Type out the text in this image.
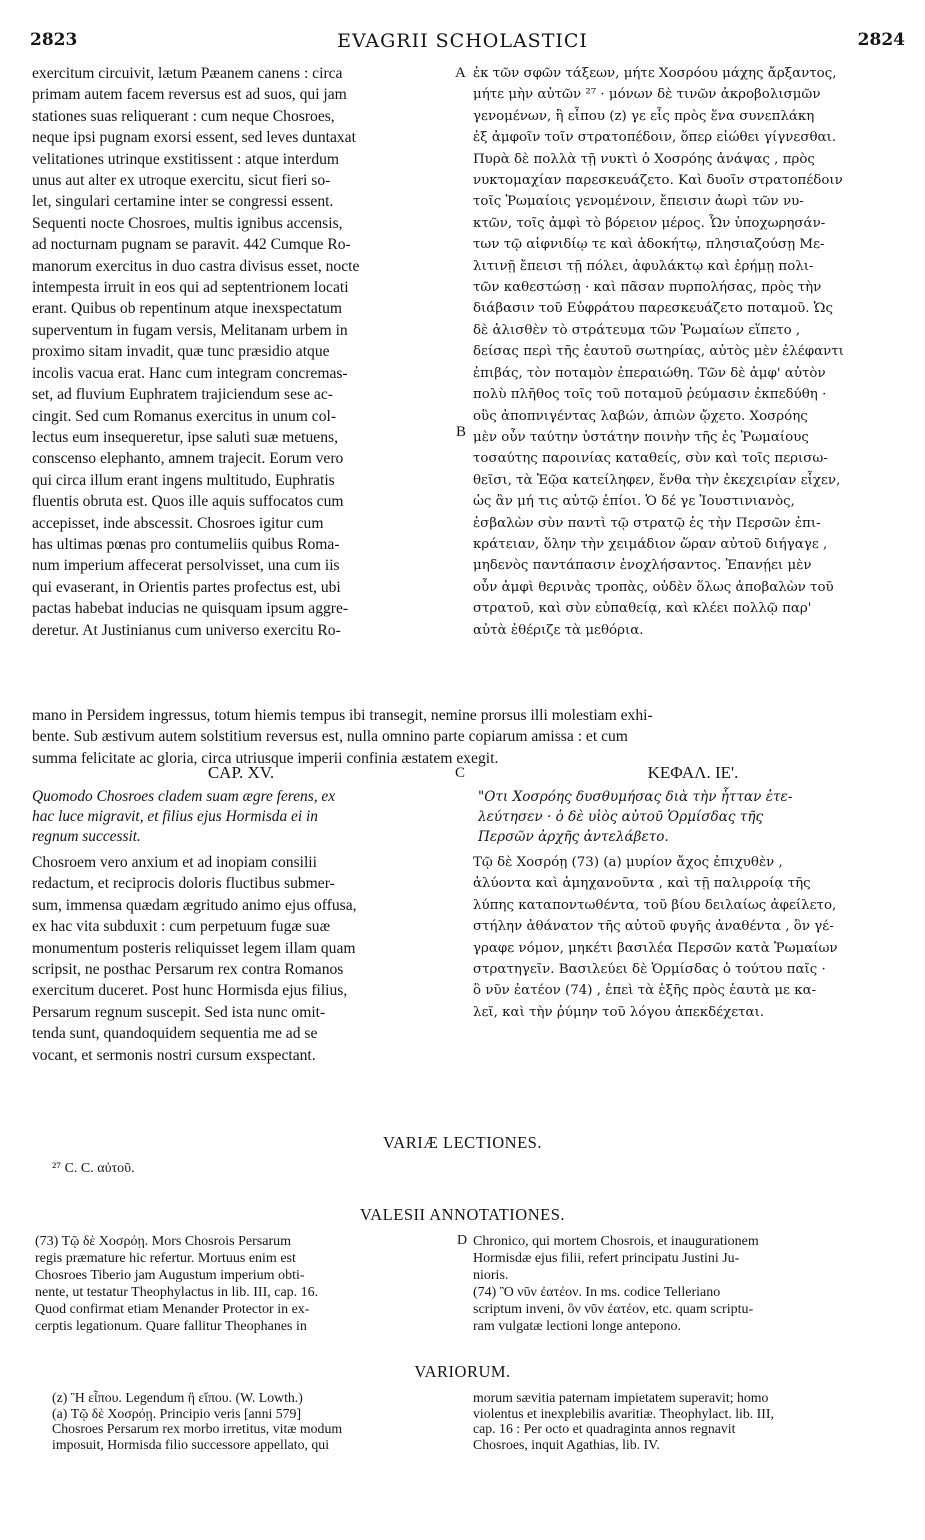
2823	EVAGRII SCHOLASTICI	2824
exercitum circuivit, lætum Pæanem canens : circa
primam autem facem reversus est ad suos, qui jam
stationes suas reliquerant : cum neque Chosroes,
neque ipsi pugnam exorsi essent, sed leves duntaxat
velitationes utrinque exstitissent : atque interdum
unus aut alter ex utroque exercitu, sicut fieri so-
let, singulari certamine inter se congressi essent.
Sequenti nocte Chosroes, multis ignibus accensis,
ad nocturnam pugnam se paravit. 442 Cumque Ro-
manorum exercitus in duo castra divisus esset, nocte
intempesta irruit in eos qui ad septentrionem locati
erant. Quibus ob repentinum atque inexspectatum
superventum in fugam versis, Melitanam urbem in
proximo sitam invadit, quæ tunc præsidio atque
incolis vacua erat. Hanc cum integram concremas-
set, ad fluvium Euphratem trajiciendum sese ac-
cingit. Sed cum Romanus exercitus in unum col-
lectus eum insequeretur, ipse saluti suæ metuens,
conscenso elephanto, amnem trajecit. Eorum vero
qui circa illum erant ingens multitudo, Euphratis
fluentis obruta est. Quos ille aquis suffocatos cum
accepisset, inde abscessit. Chosroes igitur cum
has ultimas pœnas pro contumeliis quibus Roma-
num imperium affecerat persolvisset, una cum iis
qui evaserant, in Orientis partes profectus est, ubi
pactas habebat inducias ne quisquam ipsum aggre-
deretur. At Justinianus cum universo exercitu Ro-
ἐκ τῶν σφῶν τάξεων, μήτε Χοσρόου μάχης ἄρξαντος,
μήτε μὴν αὐτῶν ²⁷ · μόνων δὲ τινῶν ἀκροβολισμῶν
γενομένων, ἢ εἶπου (z) γε εἷς πρὸς ἕνα συνεπλάκη
ἐξ ἀμφοῖν τοῖν στρατοπέδοιν, ὅπερ εἰώθει γίγνεσθαι.
Πυρὰ δὲ πολλὰ τῇ νυκτὶ ὁ Χοσρόης ἀνάψας , πρὸς
νυκτομαχίαν παρεσκευάζετο. Καὶ δυοῖν στρατοπέδοιν
τοῖς Ῥωμαίοις γενομένοιν, ἔπεισιν ἀωρὶ τῶν νυ-
κτῶν, τοῖς ἀμφὶ τὸ βόρειον μέρος. Ὧν ὑποχωρησάν-
των τῷ αἰφνιδίῳ τε καὶ ἀδοκήτῳ, πλησιαζούσῃ Με-
λιτινῇ ἔπεισι τῇ πόλει, ἀφυλάκτῳ καὶ ἐρήμῃ πολι-
τῶν καθεστώσῃ · καὶ πᾶσαν πυρπολήσας, πρὸς τὴν
διάβασιν τοῦ Εὐφράτου παρεσκευάζετο ποταμοῦ. Ὡς
δὲ ἀλισθὲν τὸ στράτευμα τῶν Ῥωμαίων εἵπετο ,
δείσας περὶ τῆς ἑαυτοῦ σωτηρίας, αὐτὸς μὲν ἐλέφαντι
ἐπιβάς, τὸν ποταμὸν ἐπεραιώθη. Τῶν δὲ ἀμφ' αὐτὸν
πολὺ πλῆθος τοῖς τοῦ ποταμοῦ ῥεύμασιν ἐκπεδύθη ·
οὓς ἀποπνιγέντας λαβών, ἀπιὼν ᾤχετο. Χοσρόης
μὲν οὖν ταύτην ὑστάτην ποινὴν τῆς ἐς Ῥωμαίους
τοσαύτης παροινίας καταθείς, σὺν καὶ τοῖς περισω-
θεῖσι, τὰ Ἑῷα κατείληφεν, ἔνθα τὴν ἐκεχειρίαν εἶχεν,
ὡς ἂν μή τις αὐτῷ ἐπίοι. Ὁ δέ γε Ἰουστινιανὸς,
ἐσβαλὼν σὺν παντὶ τῷ στρατῷ ἐς τὴν Περσῶν ἐπι-
κράτειαν, ὅλην τὴν χειμάδιον ὥραν αὐτοῦ διήγαγε ,
μηδενὸς παντάπασιν ἐνοχλήσαντος. Ἐπανῄει μὲν
οὖν ἀμφὶ θερινὰς τροπὰς, οὐδὲν ὅλως ἀποβαλὼν τοῦ
στρατοῦ, καὶ σὺν εὐπαθείᾳ, καὶ κλέει πολλῷ παρ'
αὐτὰ ἐθέριζε τὰ μεθόρια.
A
B
mano in Persidem ingressus, totum hiemis tempus ibi transegit, nemine prorsus illi molestiam exhi-
bente. Sub æstivum autem solstitium reversus est, nulla omnino parte copiarum amissa : et cum
summa felicitate ac gloria, circa utriusque imperii confinia æstatem exegit.
CAP. XV.	C	ΚΕΦΑΛ. ΙΕ'.
Quomodo Chosroes cladem suam ægre ferens, ex
hac luce migravit, et filius ejus Hormisda ei in
regnum successit.
"Οτι Χοσρόης δυσθυμήσας διὰ τὴν ἧτταν ἐτε-
λεύτησεν · ὁ δὲ υἱὸς αὐτοῦ Ὁρμίσδας τῆς
Περσῶν ἀρχῆς ἀντελάβετο.
Chosroem vero anxium et ad inopiam consilii
redactum, et reciprocis doloris fluctibus submer-
sum, immensa quædam ægritudo animo ejus offusa,
ex hac vita subduxit : cum perpetuum fugæ suæ
monumentum posteris reliquisset legem illam quam
scripsit, ne posthac Persarum rex contra Romanos
exercitum duceret. Post hunc Hormisda ejus filius,
Persarum regnum suscepit. Sed ista nunc omit-
tenda sunt, quandoquidem sequentia me ad se
vocant, et sermonis nostri cursum exspectant.
Τῷ δὲ Χοσρόῃ (73) (a) μυρίον ἄχος ἐπιχυθὲν ,
ἀλύοντα καὶ ἀμηχανοῦντα , καὶ τῇ παλιρροίᾳ τῆς
λύπης καταποντωθέντα, τοῦ βίου δειλαίως ἀφείλετο,
στήλην ἀθάνατον τῆς αὐτοῦ φυγῆς ἀναθέντα , ὃν γέ-
γραφε νόμον, μηκέτι βασιλέα Περσῶν κατὰ Ῥωμαίων
στρατηγεῖν. Βασιλεύει δὲ Ὁρμίσδας ὁ τούτου παῖς ·
ὃ νῦν ἐατέον (74) , ἐπεὶ τὰ ἑξῆς πρὸς ἑαυτὰ με κα-
λεῖ, καὶ τὴν ῥύμην τοῦ λόγου ἀπεκδέχεται.
VARIÆ LECTIONES.
²⁷ C. C. αὐτοῦ.
VALESII ANNOTATIONES.
(73) Τῷ δὲ Χοσρόῃ. Mors Chosrois Persarum
regis præmature hic refertur. Mortuus enim est
Chosroes Tiberio jam Augustum imperium obti-
nente, ut testatur Theophylactus in lib. III, cap. 16.
Quod confirmat etiam Menander Protector in ex-
cerptis legationum. Quare fallitur Theophanes in
D Chronico, qui mortem Chosrois, et inaugurationem
Hormisdæ ejus filii, refert principatu Justini Ju-
nioris.
(74) Ὃ νῦν ἐατέον. In ms. codice Telleriano
scriptum inveni, ὃν νῦν ἐατέον, etc. quam scriptu-
ram vulgatæ lectioni longe antepono.
VARIORUM.
(z) Ἢ εἶπου. Legendum ἢ εἴπου. (W. Lowth.)
(a) Τῷ δὲ Χοσρόῃ. Principio veris [anni 579]
Chosroes Persarum rex morbo irretitus, vitæ modum
imposuit, Hormisda filio successore appellato, qui
morum sævitia paternam impietatem superavit; homo
violentus et inexplebilis avaritiæ. Theophylact. lib. III,
cap. 16 : Per octo et quadraginta annos regnavit
Chosroes, inquit Agathias, lib. IV.
